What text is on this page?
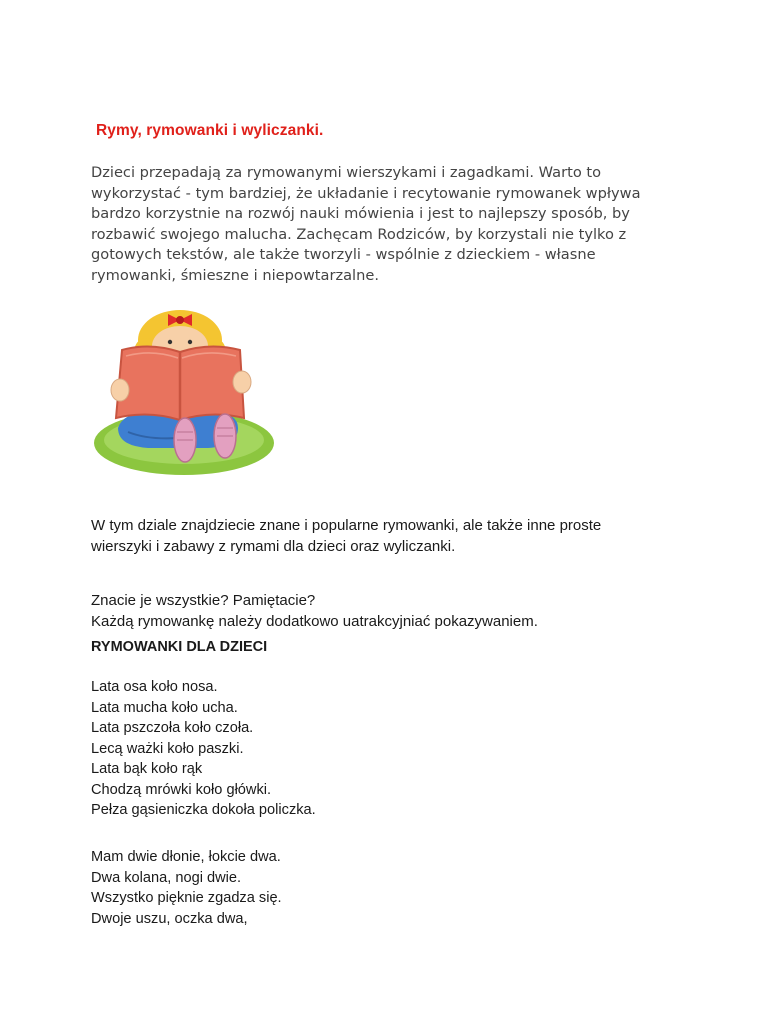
Rymy, rymowanki i wyliczanki.
Dzieci przepadają za rymowanymi wierszykami i zagadkami. Warto to
wykorzystać - tym bardziej, że układanie i recytowanie rymowanek wpływa
bardzo korzystnie na rozwój nauki mówienia i jest to najlepszy sposób, by
rozbawić swojego malucha. Zachęcam Rodziców, by korzystali nie tylko z
gotowych tekstów, ale także tworzyli - wspólnie z dzieckiem - własne
rymowanki, śmieszne i niepowtarzalne.
W tym dziale znajdziecie znane i popularne rymowanki, ale także inne proste
wierszyki i zabawy z rymami dla dzieci oraz wyliczanki.
Znacie je wszystkie? Pamiętacie?
Każdą rymowankę należy dodatkowo uatrakcyjniać pokazywaniem.
RYMOWANKI DLA DZIECI
Lata osa koło nosa.
Lata mucha koło ucha.
Lata pszczoła koło czoła.
Lecą ważki koło paszki.
Lata bąk koło rąk
Chodzą mrówki koło główki.
Pełza gąsieniczka dokoła policzka.
Mam dwie dłonie, łokcie dwa.
Dwa kolana, nogi dwie.
Wszystko pięknie zgadza się.
Dwoje uszu, oczka dwa,
